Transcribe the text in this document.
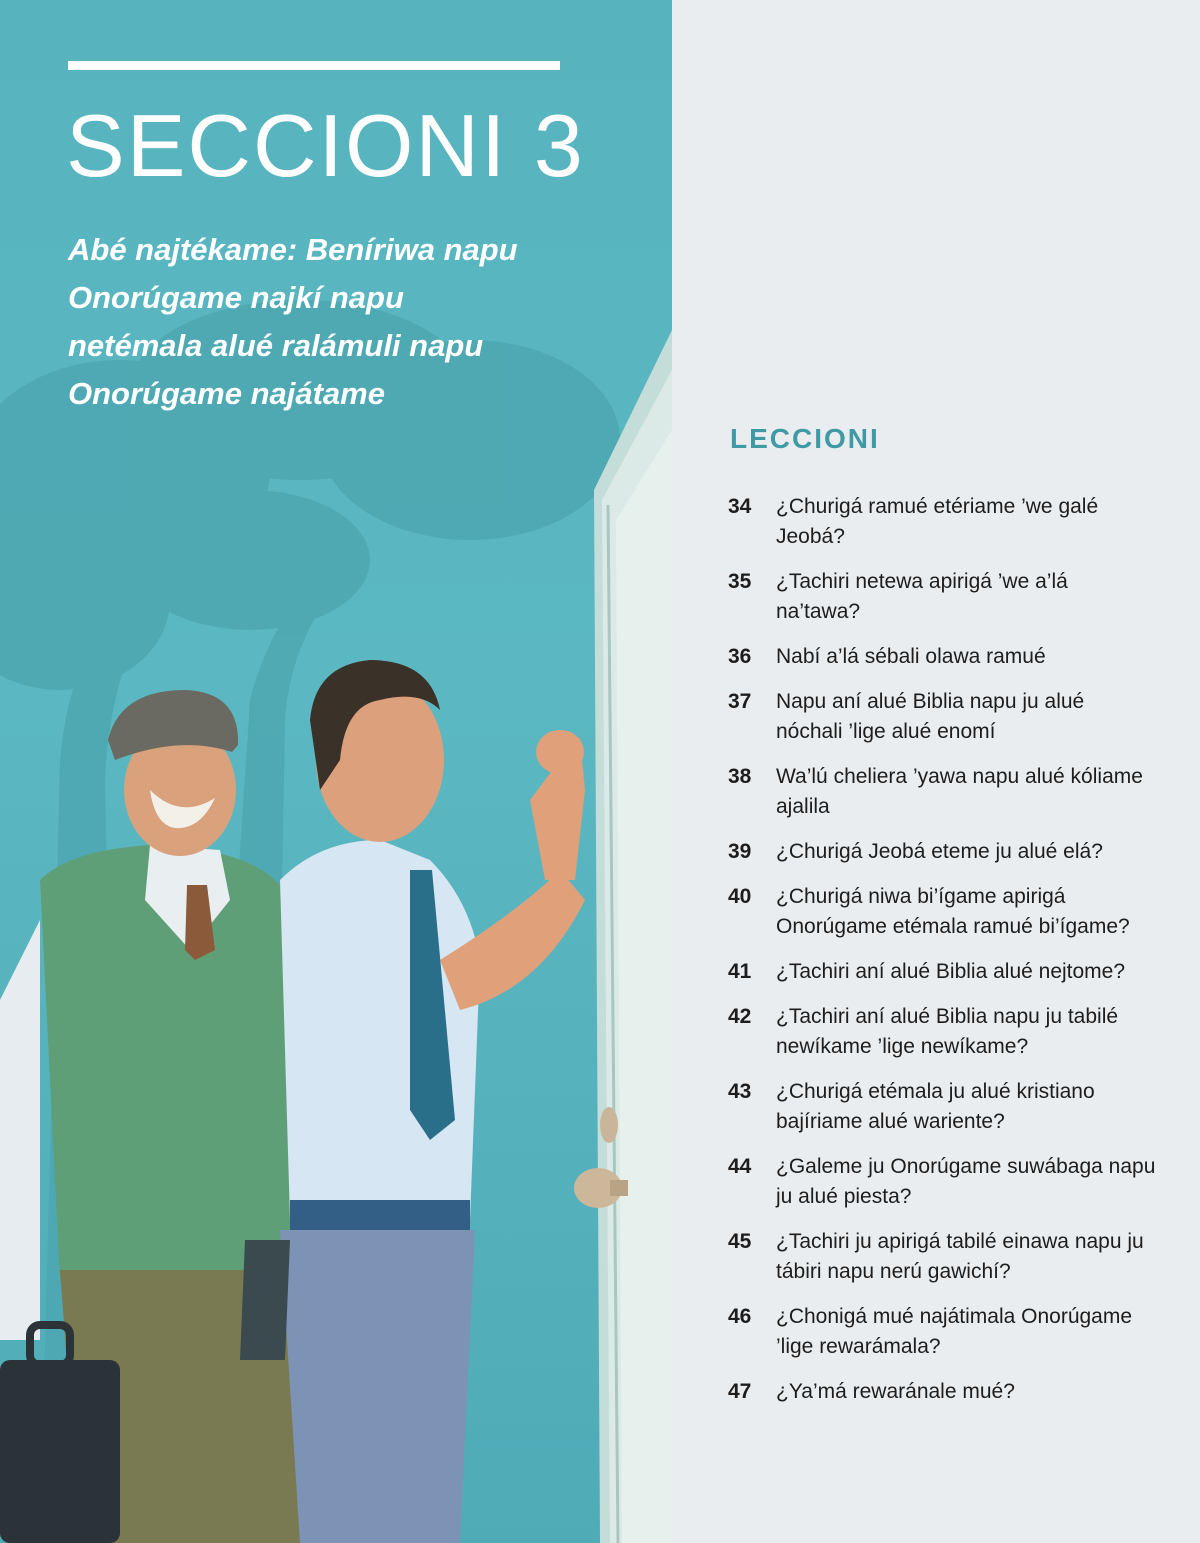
SECCIONI 3

Abé najtékame: Beníriwa napu Onorúgame najkí napu netémala alué ralámuli napu Onorúgame najátame

LECCIONI
34	¿Churigá ramué etériame ’we galé Jeobá?
35	¿Tachiri netewa apirigá ’we a’lá na’tawa?
36	Nabí a’lá sébali olawa ramué
37	Napu aní alué Biblia napu ju alué nóchali ’lige alué enomí
38	Wa’lú cheliera ’yawa napu alué kóliame ajalila
39	¿Churigá Jeobá eteme ju alué elá?
40	¿Churigá niwa bi’ígame apirigá Onorúgame etémala ramué bi’ígame?
41	¿Tachiri aní alué Biblia alué nejtome?
42	¿Tachiri aní alué Biblia napu ju tabilé newíkame ’lige newíkame?
43	¿Churigá etémala ju alué kristiano bajíriame alué wariente?
44	¿Galeme ju Onorúgame suwábaga napu ju alué piesta?
45	¿Tachiri ju apirigá tabilé einawa napu ju tábiri napu nerú gawichí?
46	¿Chonigá mué najátimala Onorúgame ’lige rewarámala?
47	¿Ya’má rewaránale mué?
